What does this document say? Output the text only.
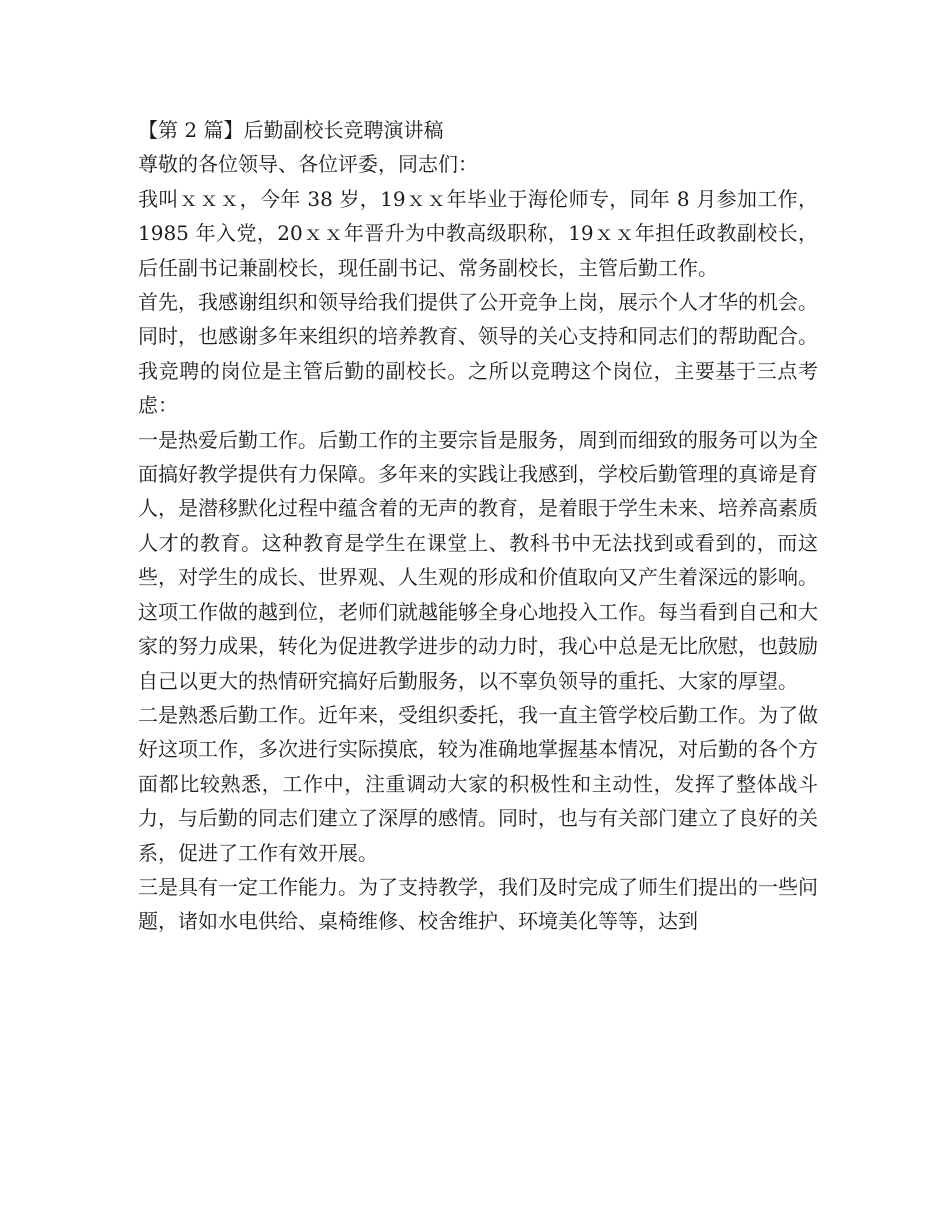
【第 2 篇】后勤副校长竞聘演讲稿

尊敬的各位领导、各位评委，同志们：

我叫ｘｘｘ，今年 38 岁，19ｘｘ年毕业于海伦师专，同年 8 月参加工作，1985 年入党，20ｘｘ年晋升为中教高级职称，19ｘｘ年担任政教副校长，后任副书记兼副校长，现任副书记、常务副校长，主管后勤工作。

首先，我感谢组织和领导给我们提供了公开竞争上岗，展示个人才华的机会。同时，也感谢多年来组织的培养教育、领导的关心支持和同志们的帮助配合。

我竞聘的岗位是主管后勤的副校长。之所以竞聘这个岗位，主要基于三点考虑：

一是热爱后勤工作。后勤工作的主要宗旨是服务，周到而细致的服务可以为全面搞好教学提供有力保障。多年来的实践让我感到，学校后勤管理的真谛是育人，是潜移默化过程中蕴含着的无声的教育，是着眼于学生未来、培养高素质人才的教育。这种教育是学生在课堂上、教科书中无法找到或看到的，而这些，对学生的成长、世界观、人生观的形成和价值取向又产生着深远的影响。这项工作做的越到位，老师们就越能够全身心地投入工作。每当看到自己和大家的努力成果，转化为促进教学进步的动力时，我心中总是无比欣慰，也鼓励自己以更大的热情研究搞好后勤服务，以不辜负领导的重托、大家的厚望。

二是熟悉后勤工作。近年来，受组织委托，我一直主管学校后勤工作。为了做好这项工作，多次进行实际摸底，较为准确地掌握基本情况，对后勤的各个方面都比较熟悉，工作中，注重调动大家的积极性和主动性，发挥了整体战斗力，与后勤的同志们建立了深厚的感情。同时，也与有关部门建立了良好的关系，促进了工作有效开展。

三是具有一定工作能力。为了支持教学，我们及时完成了师生们提出的一些问题，诸如水电供给、桌椅维修、校舍维护、环境美化等等，达到
